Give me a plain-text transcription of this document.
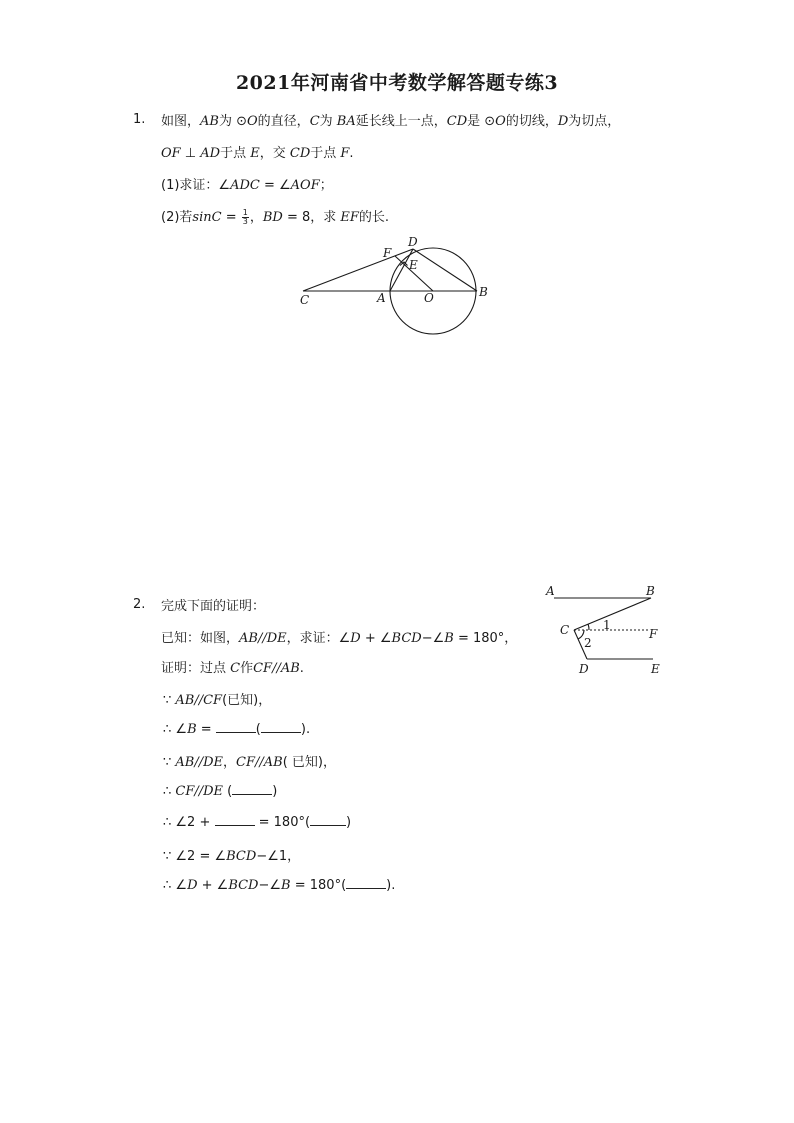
2021年河南省中考数学解答题专练3
1. 如图，AB为 ⊙O的直径，C为 BA延长线上一点，CD是 ⊙O的切线，D为切点，
OF ⊥ AD于点 E，交 CD于点 F.
(1)求证：∠ADC = ∠AOF；
(2)若$\sin C = \frac{1}{3}$ ，BD = 8，求 EF的长.
C	A	O	B
D
F
E
2. 完成下面的证明：
已知：如图，AB//DE，求证：∠D + ∠BCD−∠B = 180°，
证明：过点 C作CF//AB.
∵ AB//CF(已知)，
∴ ∠B =	(	).
∵ AB//DE，CF//AB( 已知)，
∴ CF//DE (	)
∴ ∠2 +	= 180°(	)
∵ ∠2 = ∠BCD−∠1，
∴ ∠D + ∠BCD−∠B = 180°(	).
A	B
C	F
D	E
1
2
